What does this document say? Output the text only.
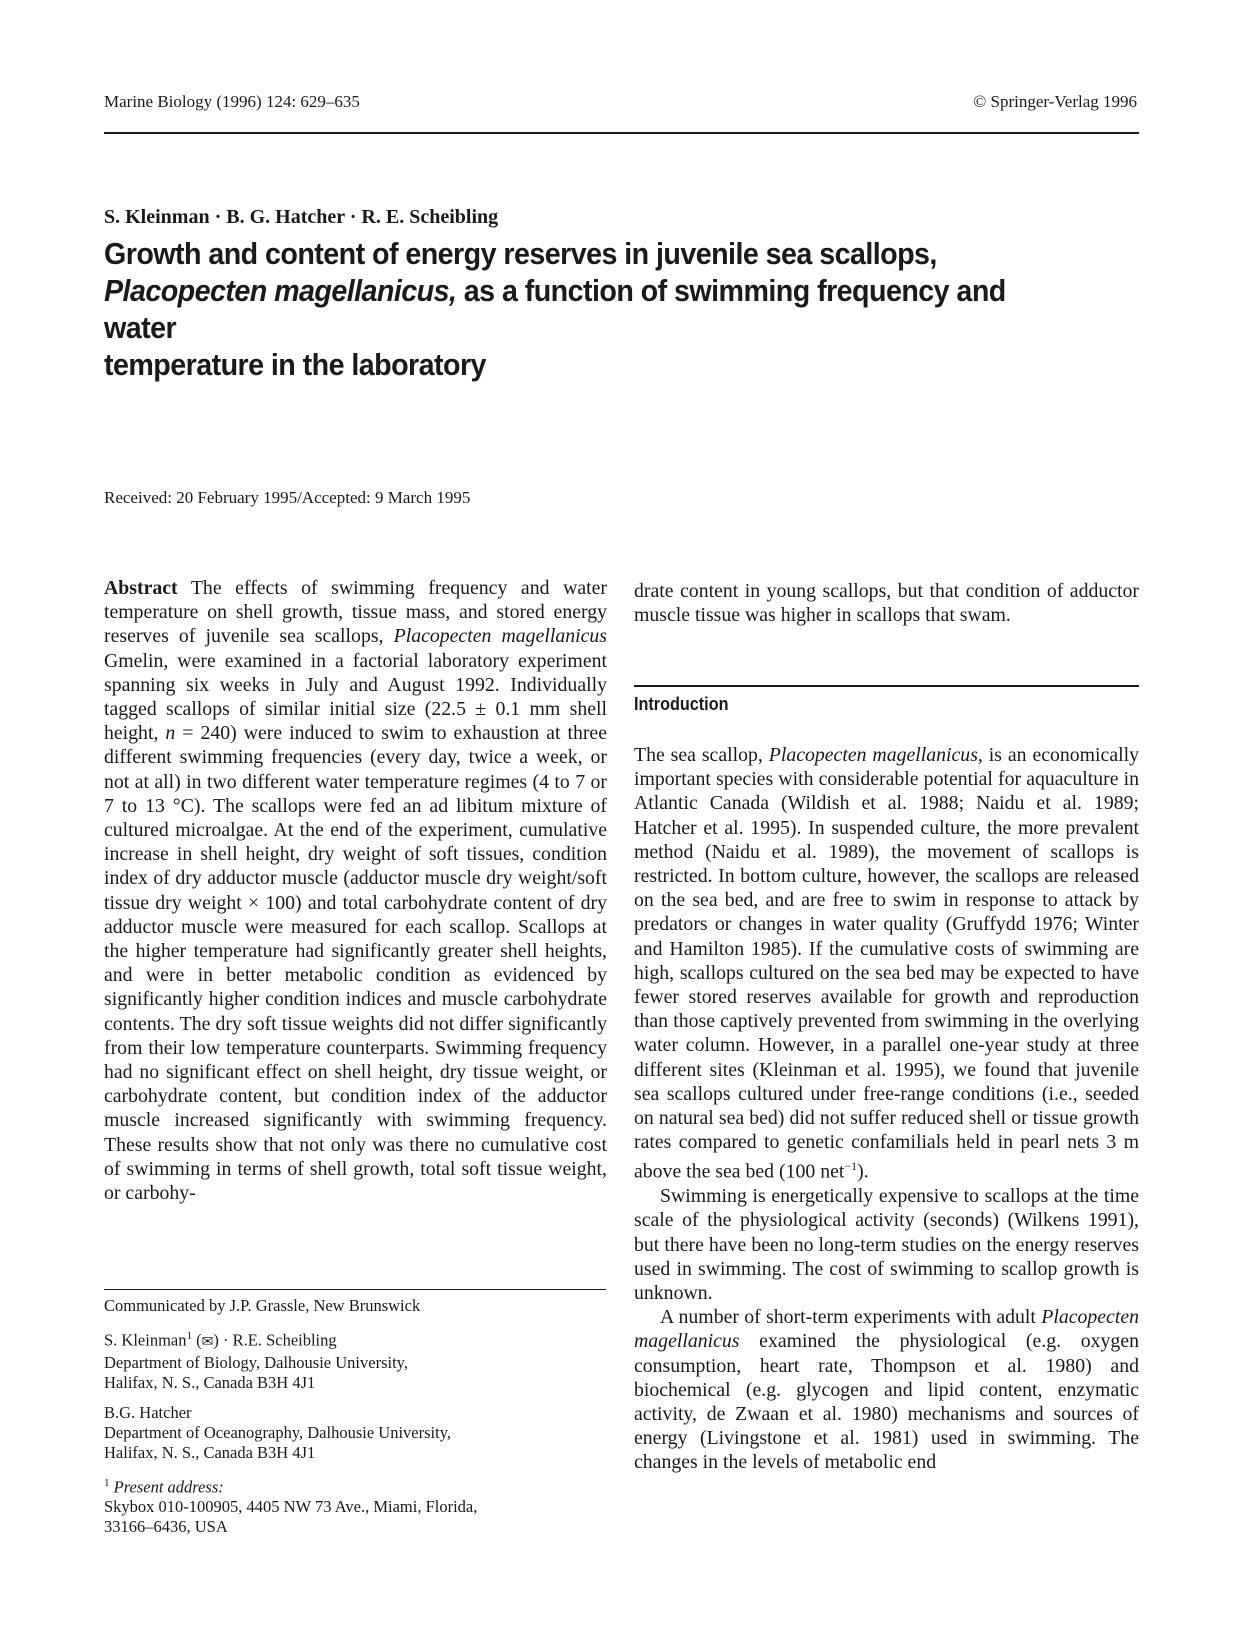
Marine Biology (1996) 124: 629–635	© Springer-Verlag 1996
S. Kleinman · B. G. Hatcher · R. E. Scheibling
Growth and content of energy reserves in juvenile sea scallops,
Placopecten magellanicus, as a function of swimming frequency and water
temperature in the laboratory
Received: 20 February 1995/Accepted: 9 March 1995
Abstract The effects of swimming frequency and water temperature on shell growth, tissue mass, and stored energy reserves of juvenile sea scallops, Placopecten magellanicus Gmelin, were examined in a factorial laboratory experiment spanning six weeks in July and August 1992. Individually tagged scallops of similar initial size (22.5 ± 0.1 mm shell height, n = 240) were induced to swim to exhaustion at three different swimming frequencies (every day, twice a week, or not at all) in two different water temperature regimes (4 to 7 or 7 to 13 °C). The scallops were fed an ad libitum mixture of cultured microalgae. At the end of the experiment, cumulative increase in shell height, dry weight of soft tissues, condition index of dry adductor muscle (adductor muscle dry weight/soft tissue dry weight × 100) and total carbohydrate content of dry adductor muscle were measured for each scallop. Scallops at the higher temperature had significantly greater shell heights, and were in better metabolic condition as evidenced by significantly higher condition indices and muscle carbohydrate contents. The dry soft tissue weights did not differ significantly from their low temperature counterparts. Swimming frequency had no significant effect on shell height, dry tissue weight, or carbohydrate content, but condition index of the adductor muscle increased significantly with swimming frequency. These results show that not only was there no cumulative cost of swimming in terms of shell growth, total soft tissue weight, or carbohy-
drate content in young scallops, but that condition of adductor muscle tissue was higher in scallops that swam.
Introduction

The sea scallop, Placopecten magellanicus, is an economically important species with considerable potential for aquaculture in Atlantic Canada (Wildish et al. 1988; Naidu et al. 1989; Hatcher et al. 1995). In suspended culture, the more prevalent method (Naidu et al. 1989), the movement of scallops is restricted. In bottom culture, however, the scallops are released on the sea bed, and are free to swim in response to attack by predators or changes in water quality (Gruffydd 1976; Winter and Hamilton 1985). If the cumulative costs of swimming are high, scallops cultured on the sea bed may be expected to have fewer stored reserves available for growth and reproduction than those captively prevented from swimming in the overlying water column. However, in a parallel one-year study at three different sites (Kleinman et al. 1995), we found that juvenile sea scallops cultured under free-range conditions (i.e., seeded on natural sea bed) did not suffer reduced shell or tissue growth rates compared to genetic confamilials held in pearl nets 3 m above the sea bed (100 net$^{-1}$).

Swimming is energetically expensive to scallops at the time scale of the physiological activity (seconds) (Wilkens 1991), but there have been no long-term studies on the energy reserves used in swimming. The cost of swimming to scallop growth is unknown.

A number of short-term experiments with adult Placopecten magellanicus examined the physiological (e.g. oxygen consumption, heart rate, Thompson et al. 1980) and biochemical (e.g. glycogen and lipid content, enzymatic activity, de Zwaan et al. 1980) mechanisms and sources of energy (Livingstone et al. 1981) used in swimming. The changes in the levels of metabolic end

Communicated by J.P. Grassle, New Brunswick

S. Kleinman$^1$ (✉) · R.E. Scheibling
Department of Biology, Dalhousie University,
Halifax, N. S., Canada B3H 4J1

B.G. Hatcher
Department of Oceanography, Dalhousie University,
Halifax, N. S., Canada B3H 4J1

$^1$ Present address:
Skybox 010-100905, 4405 NW 73 Ave., Miami, Florida,
33166–6436, USA
